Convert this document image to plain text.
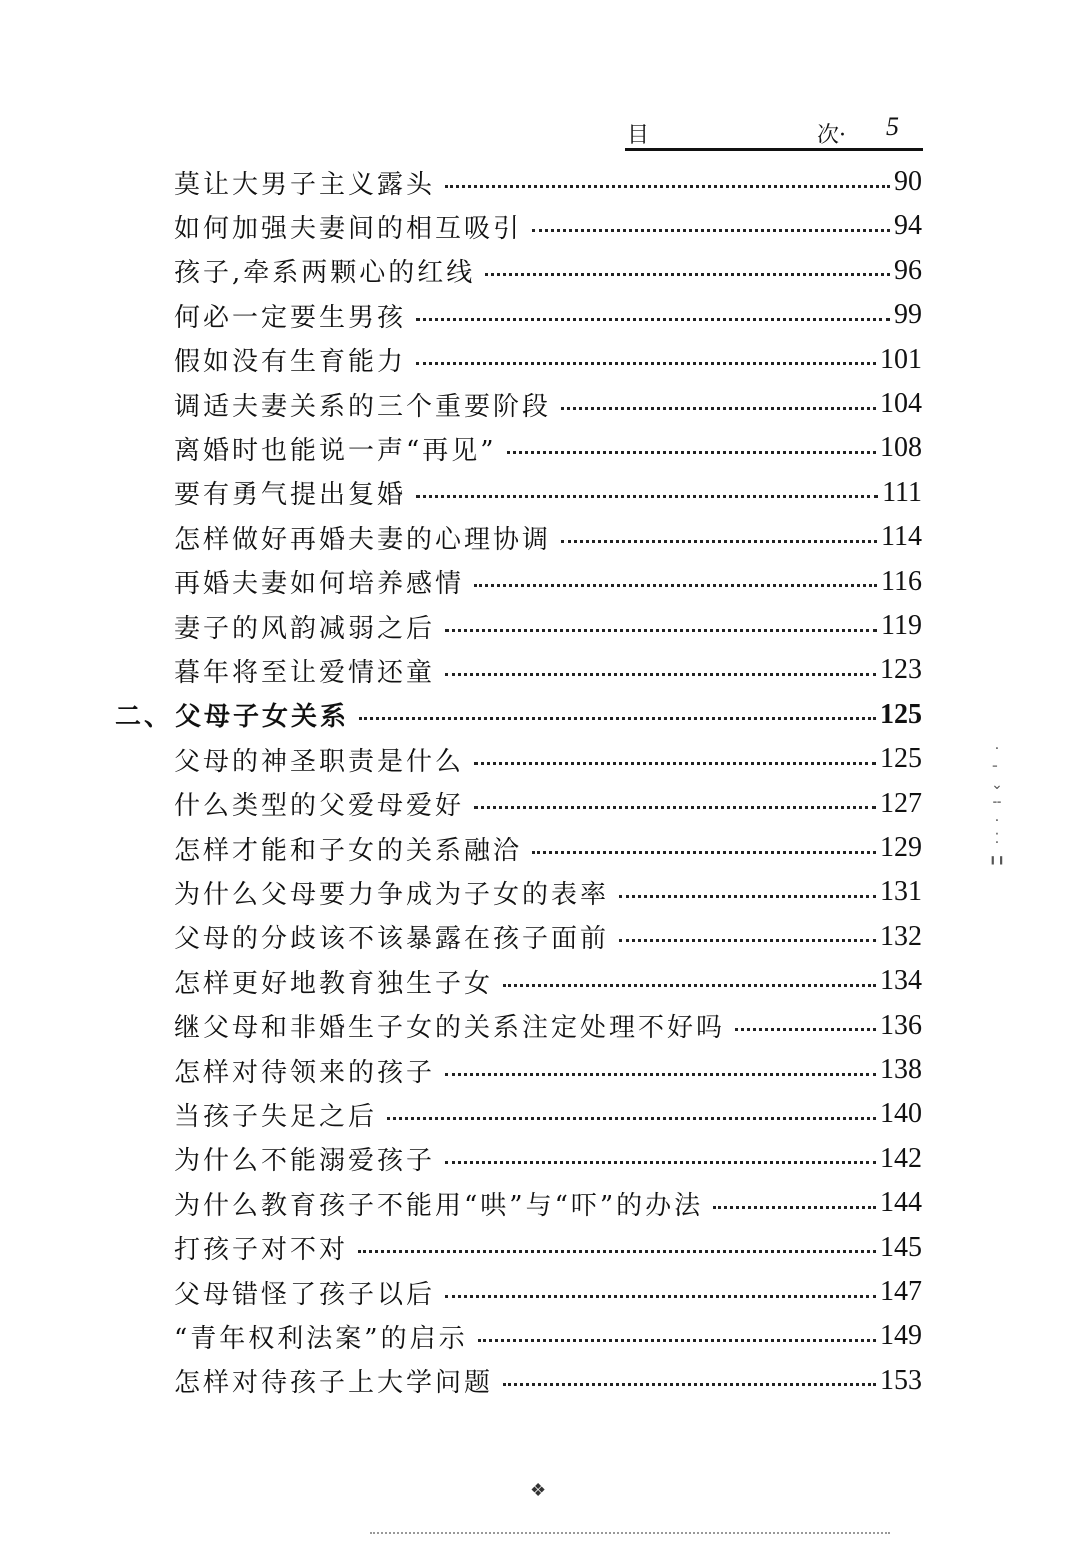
目	次· 5
莫让大男子主义露头	90
如何加强夫妻间的相互吸引	94
孩子,牵系两颗心的红线	96
何必一定要生男孩	99
假如没有生育能力	101
调适夫妻关系的三个重要阶段	104
离婚时也能说一声“再见”	108
要有勇气提出复婚	111
怎样做好再婚夫妻的心理协调	114
再婚夫妻如何培养感情	116
妻子的风韵减弱之后	119
暮年将至让爱情还童	123
二、父母子女关系	125
父母的神圣职责是什么	125
什么类型的父爱母爱好	127
怎样才能和子女的关系融洽	129
为什么父母要力争成为子女的表率	131
父母的分歧该不该暴露在孩子面前	132
怎样更好地教育独生子女	134
继父母和非婚生子女的关系注定处理不好吗	136
怎样对待领来的孩子	138
当孩子失足之后	140
为什么不能溺爱孩子	142
为什么教育孩子不能用“哄”与“吓”的办法	144
打孩子对不对	145
父母错怪了孩子以后	147
“青年权利法案”的启示	149
怎样对待孩子上大学问题	153
·
╴
⌄
╌
·
⁚
╻╻
❖
